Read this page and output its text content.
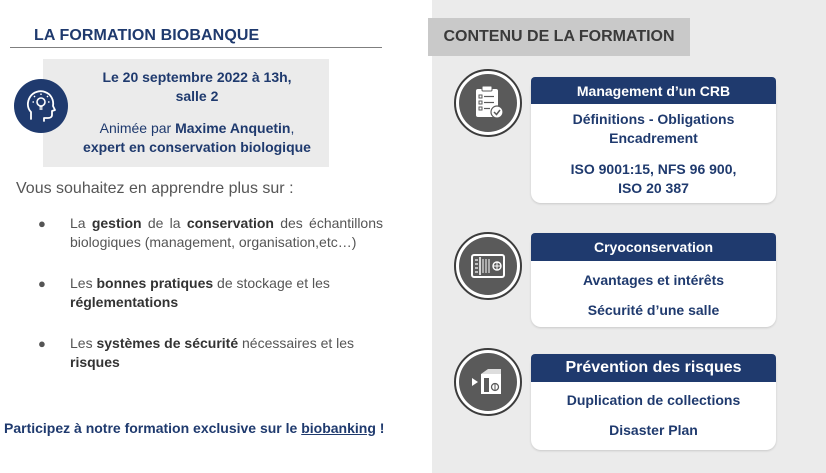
LA FORMATION BIOBANQUE
Le 20 septembre 2022 à 13h,
salle 2
Animée par Maxime Anquetin,
expert en conservation biologique
Vous souhaitez en apprendre plus sur :
● La gestion de la conservation des échantillons biologiques (management, organisation,etc…)
● Les bonnes pratiques de stockage et les réglementations
● Les systèmes de sécurité nécessaires et les risques
Participez à notre formation exclusive sur le biobanking !
CONTENU DE LA FORMATION
Management d’un CRB

Définitions - Obligations

Encadrement

ISO 9001:15, NFS 96 900,

ISO 20 387

Cryoconservation

Avantages et intérêts

Sécurité d’une salle

Prévention des risques

Duplication de collections

Disaster Plan
